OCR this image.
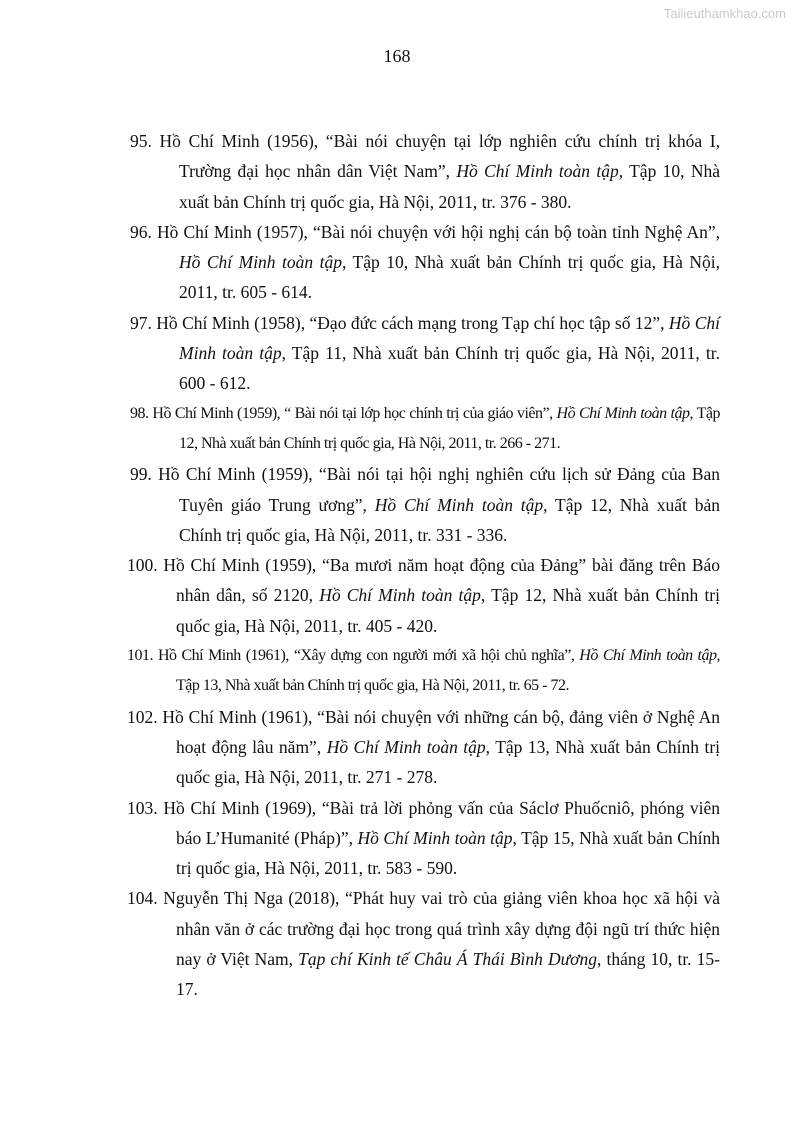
Tailieuthamkhao.com
168
95. Hồ Chí Minh (1956), “Bài nói chuyện tại lớp nghiên cứu chính trị khóa I, Trường đại học nhân dân Việt Nam”, Hồ Chí Minh toàn tập, Tập 10, Nhà xuất bản Chính trị quốc gia, Hà Nội, 2011, tr. 376 - 380.
96. Hồ Chí Minh (1957), “Bài nói chuyện với hội nghị cán bộ toàn tỉnh Nghệ An”, Hồ Chí Minh toàn tập, Tập 10, Nhà xuất bản Chính trị quốc gia, Hà Nội, 2011, tr. 605 - 614.
97. Hồ Chí Minh (1958), “Đạo đức cách mạng trong Tạp chí học tập số 12”, Hồ Chí Minh toàn tập, Tập 11, Nhà xuất bản Chính trị quốc gia, Hà Nội, 2011, tr. 600 - 612.
98. Hồ Chí Minh (1959), “ Bài nói tại lớp học chính trị của giáo viên”, Hồ Chí Minh toàn tập, Tập 12, Nhà xuất bản Chính trị quốc gia, Hà Nội, 2011, tr. 266 - 271.
99. Hồ Chí Minh (1959), “Bài nói tại hội nghị nghiên cứu lịch sử Đảng của Ban Tuyên giáo Trung ương”, Hồ Chí Minh toàn tập, Tập 12, Nhà xuất bản Chính trị quốc gia, Hà Nội, 2011, tr. 331 - 336.
100. Hồ Chí Minh (1959), “Ba mươi năm hoạt động của Đảng” bài đăng trên Báo nhân dân, số 2120, Hồ Chí Minh toàn tập, Tập 12, Nhà xuất bản Chính trị quốc gia, Hà Nội, 2011, tr. 405 - 420.
101. Hồ Chí Minh (1961), “Xây dựng con người mới xã hội chủ nghĩa”, Hồ Chí Minh toàn tập, Tập 13, Nhà xuất bản Chính trị quốc gia, Hà Nội, 2011, tr. 65 - 72.
102. Hồ Chí Minh (1961), “Bài nói chuyện với những cán bộ, đảng viên ở Nghệ An hoạt động lâu năm”, Hồ Chí Minh toàn tập, Tập 13, Nhà xuất bản Chính trị quốc gia, Hà Nội, 2011, tr. 271 - 278.
103. Hồ Chí Minh (1969), “Bài trả lời phỏng vấn của Sáclơ Phuốcniô, phóng viên báo L’Humanité (Pháp)”, Hồ Chí Minh toàn tập, Tập 15, Nhà xuất bản Chính trị quốc gia, Hà Nội, 2011, tr. 583 - 590.
104. Nguyễn Thị Nga (2018), “Phát huy vai trò của giảng viên khoa học xã hội và nhân văn ở các trường đại học trong quá trình xây dựng đội ngũ trí thức hiện nay ở Việt Nam, Tạp chí Kinh tế Châu Á Thái Bình Dương, tháng 10, tr. 15-17.
